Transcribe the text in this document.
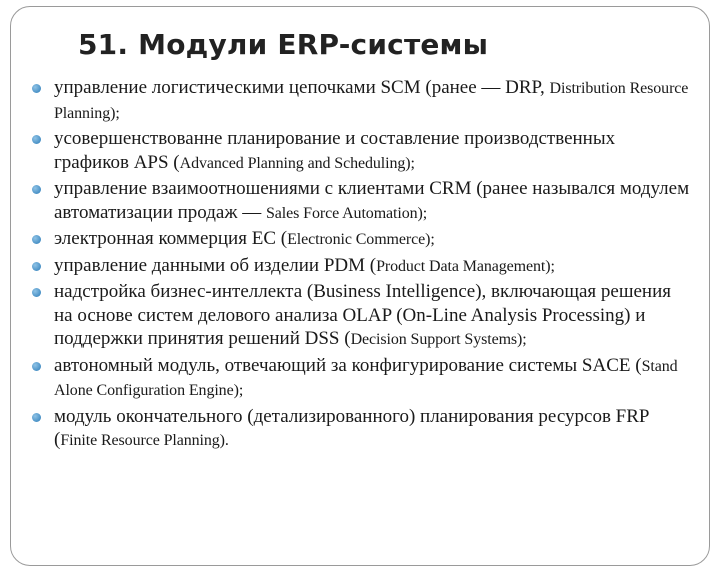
51. Модули ERP-системы
управление логистическими цепочками SCM (ранее — DRP, Distribution Resource Planning);
усовершенствованне планирование и составление производственных графиков APS (Advanced Planning and Scheduling);
управление взаимоотношениями с клиентами CRM (ранее назывался модулем автоматизации продаж — Sales Force Automation);
электронная коммерция EC (Electronic Commerce);
управление данными об изделии PDM (Product Data Management);
надстройка бизнес-интеллекта (Business Intelligence), включающая решения на основе систем делового анализа OLAP (On-Line Analysis Processing) и поддержки принятия решений DSS (Decision Support Systems);
автономный модуль, отвечающий за конфигурирование системы SACE (Stand Alone Configuration Engine);
модуль окончательного (детализированного) планирования ресурсов FRP (Finite Resource Planning).
